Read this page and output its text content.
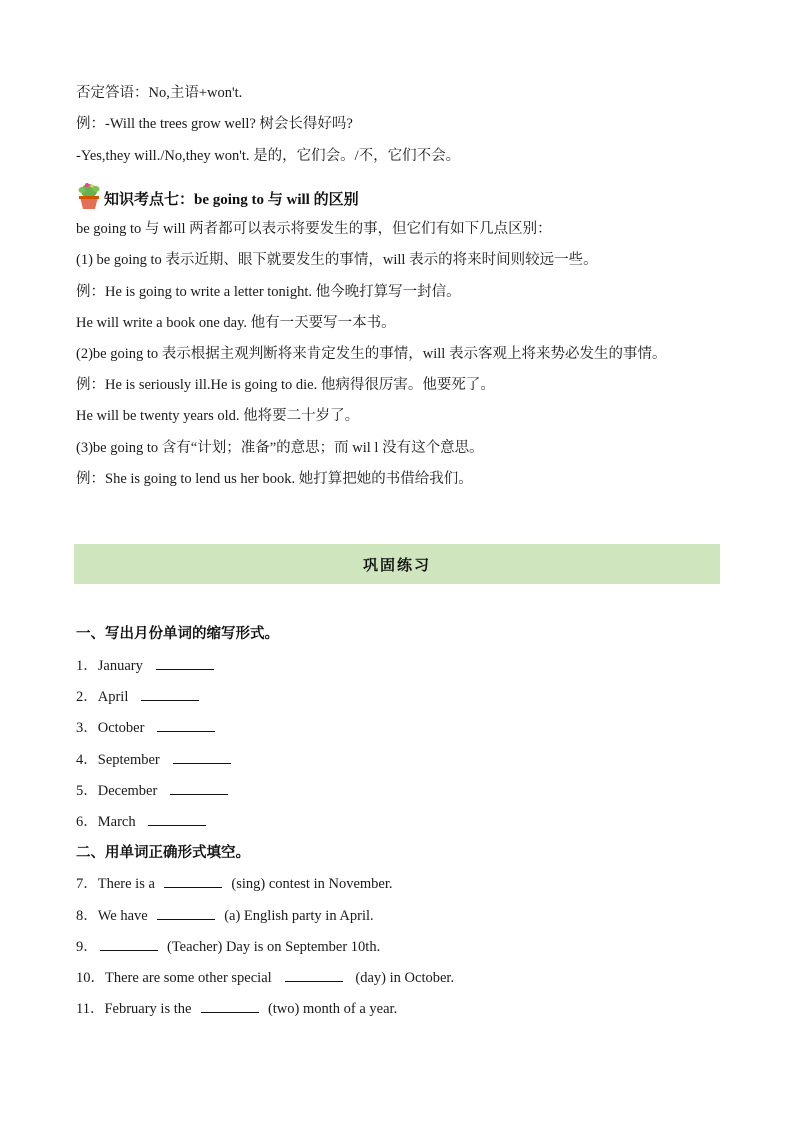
否定答语：No,主语+won't.
例：-Will the trees grow well? 树会长得好吗?
-Yes,they will./No,they won't. 是的，它们会。/不，它们不会。
知识考点七：be going to 与 will 的区别
be going to 与 will 两者都可以表示将要发生的事，但它们有如下几点区别：
(1) be going to 表示近期、眼下就要发生的事情，will 表示的将来时间则较远一些。
例：He is going to write a letter tonight. 他今晚打算写一封信。
He will write a book one day. 他有一天要写一本书。
(2)be going to 表示根据主观判断将来肯定发生的事情，will 表示客观上将来势必发生的事情。
例：He is seriously ill.He is going to die. 他病得很厉害。他要死了。
He will be twenty years old. 他将要二十岁了。
(3)be going to 含有“计划；准备”的意思；而 wil l 没有这个意思。
例：She is going to lend us her book. 她打算把她的书借给我们。
巩固练习
一、写出月份单词的缩写形式。
1．January
2．April
3．October
4．September
5．December
6．March
二、用单词正确形式填空。
7．There is a	(sing) contest in November.
8．We have	(a) English party in April.
9．	(Teacher) Day is on September 10th.
10．There are some other special	(day) in October.
11．February is the	(two) month of a year.
